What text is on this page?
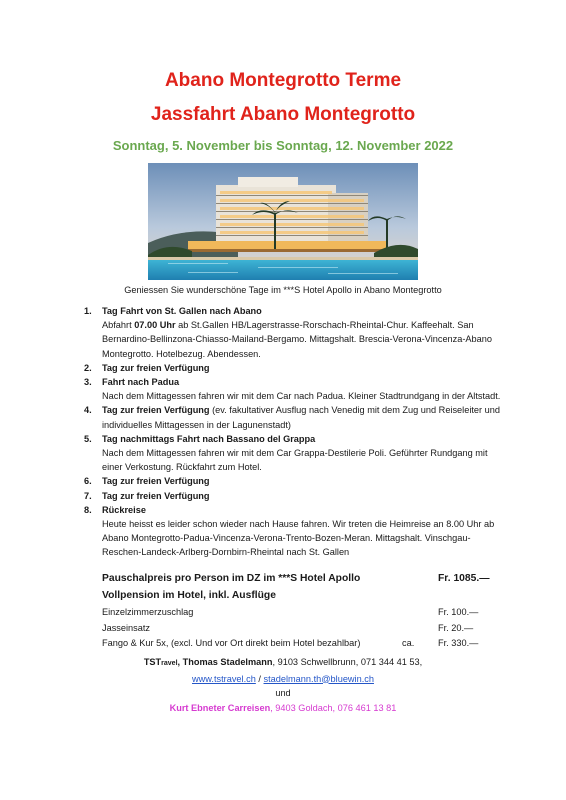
Abano Montegrotto Terme
Jassfahrt Abano Montegrotto
Sonntag, 5. November bis Sonntag, 12. November 2022
Geniessen Sie wunderschöne Tage im ***S Hotel Apollo in Abano Montegrotto
1. Tag Fahrt von St. Gallen nach Abano
Abfahrt 07.00 Uhr ab St.Gallen HB/Lagerstrasse-Rorschach-Rheintal-Chur. Kaffeehalt. San Bernardino-Bellinzona-Chiasso-Mailand-Bergamo. Mittagshalt. Brescia-Verona-Vincenza-Abano Montegrotto. Hotelbezug. Abendessen.
2. Tag zur freien Verfügung
3. Fahrt nach Padua
Nach dem Mittagessen fahren wir mit dem Car nach Padua. Kleiner Stadtrundgang in der Altstadt.
4. Tag zur freien Verfügung (ev. fakultativer Ausflug nach Venedig mit dem Zug und Reiseleiter und individuelles Mittagessen in der Lagunenstadt)
5. Tag nachmittags Fahrt nach Bassano del Grappa
Nach dem Mittagessen fahren wir mit dem Car Grappa-Destilerie Poli. Geführter Rundgang mit einer Verkostung. Rückfahrt zum Hotel.
6. Tag zur freien Verfügung
7. Tag zur freien Verfügung
8. Rückreise
Heute heisst es leider schon wieder nach Hause fahren. Wir treten die Heimreise an 8.00 Uhr ab Abano Montegrotto-Padua-Vincenza-Verona-Trento-Bozen-Meran. Mittagshalt. Vinschgau-Reschen-Landeck-Arlberg-Dornbirn-Rheintal nach St. Gallen
Pauschalpreis pro Person im DZ im ***S Hotel Apollo	Fr. 1085.—
Vollpension im Hotel, inkl. Ausflüge
Einzelzimmerzuschlag	Fr. 100.—
Jasseinsatz	Fr. 20.—
Fango & Kur 5x, (excl. Und vor Ort direkt beim Hotel bezahlbar)	ca.	Fr. 330.—
TSTravel, Thomas Stadelmann, 9103 Schwellbrunn, 071 344 41 53,
www.tstravel.ch / stadelmann.th@bluewin.ch
und
Kurt Ebneter Carreisen, 9403 Goldach, 076 461 13 81
